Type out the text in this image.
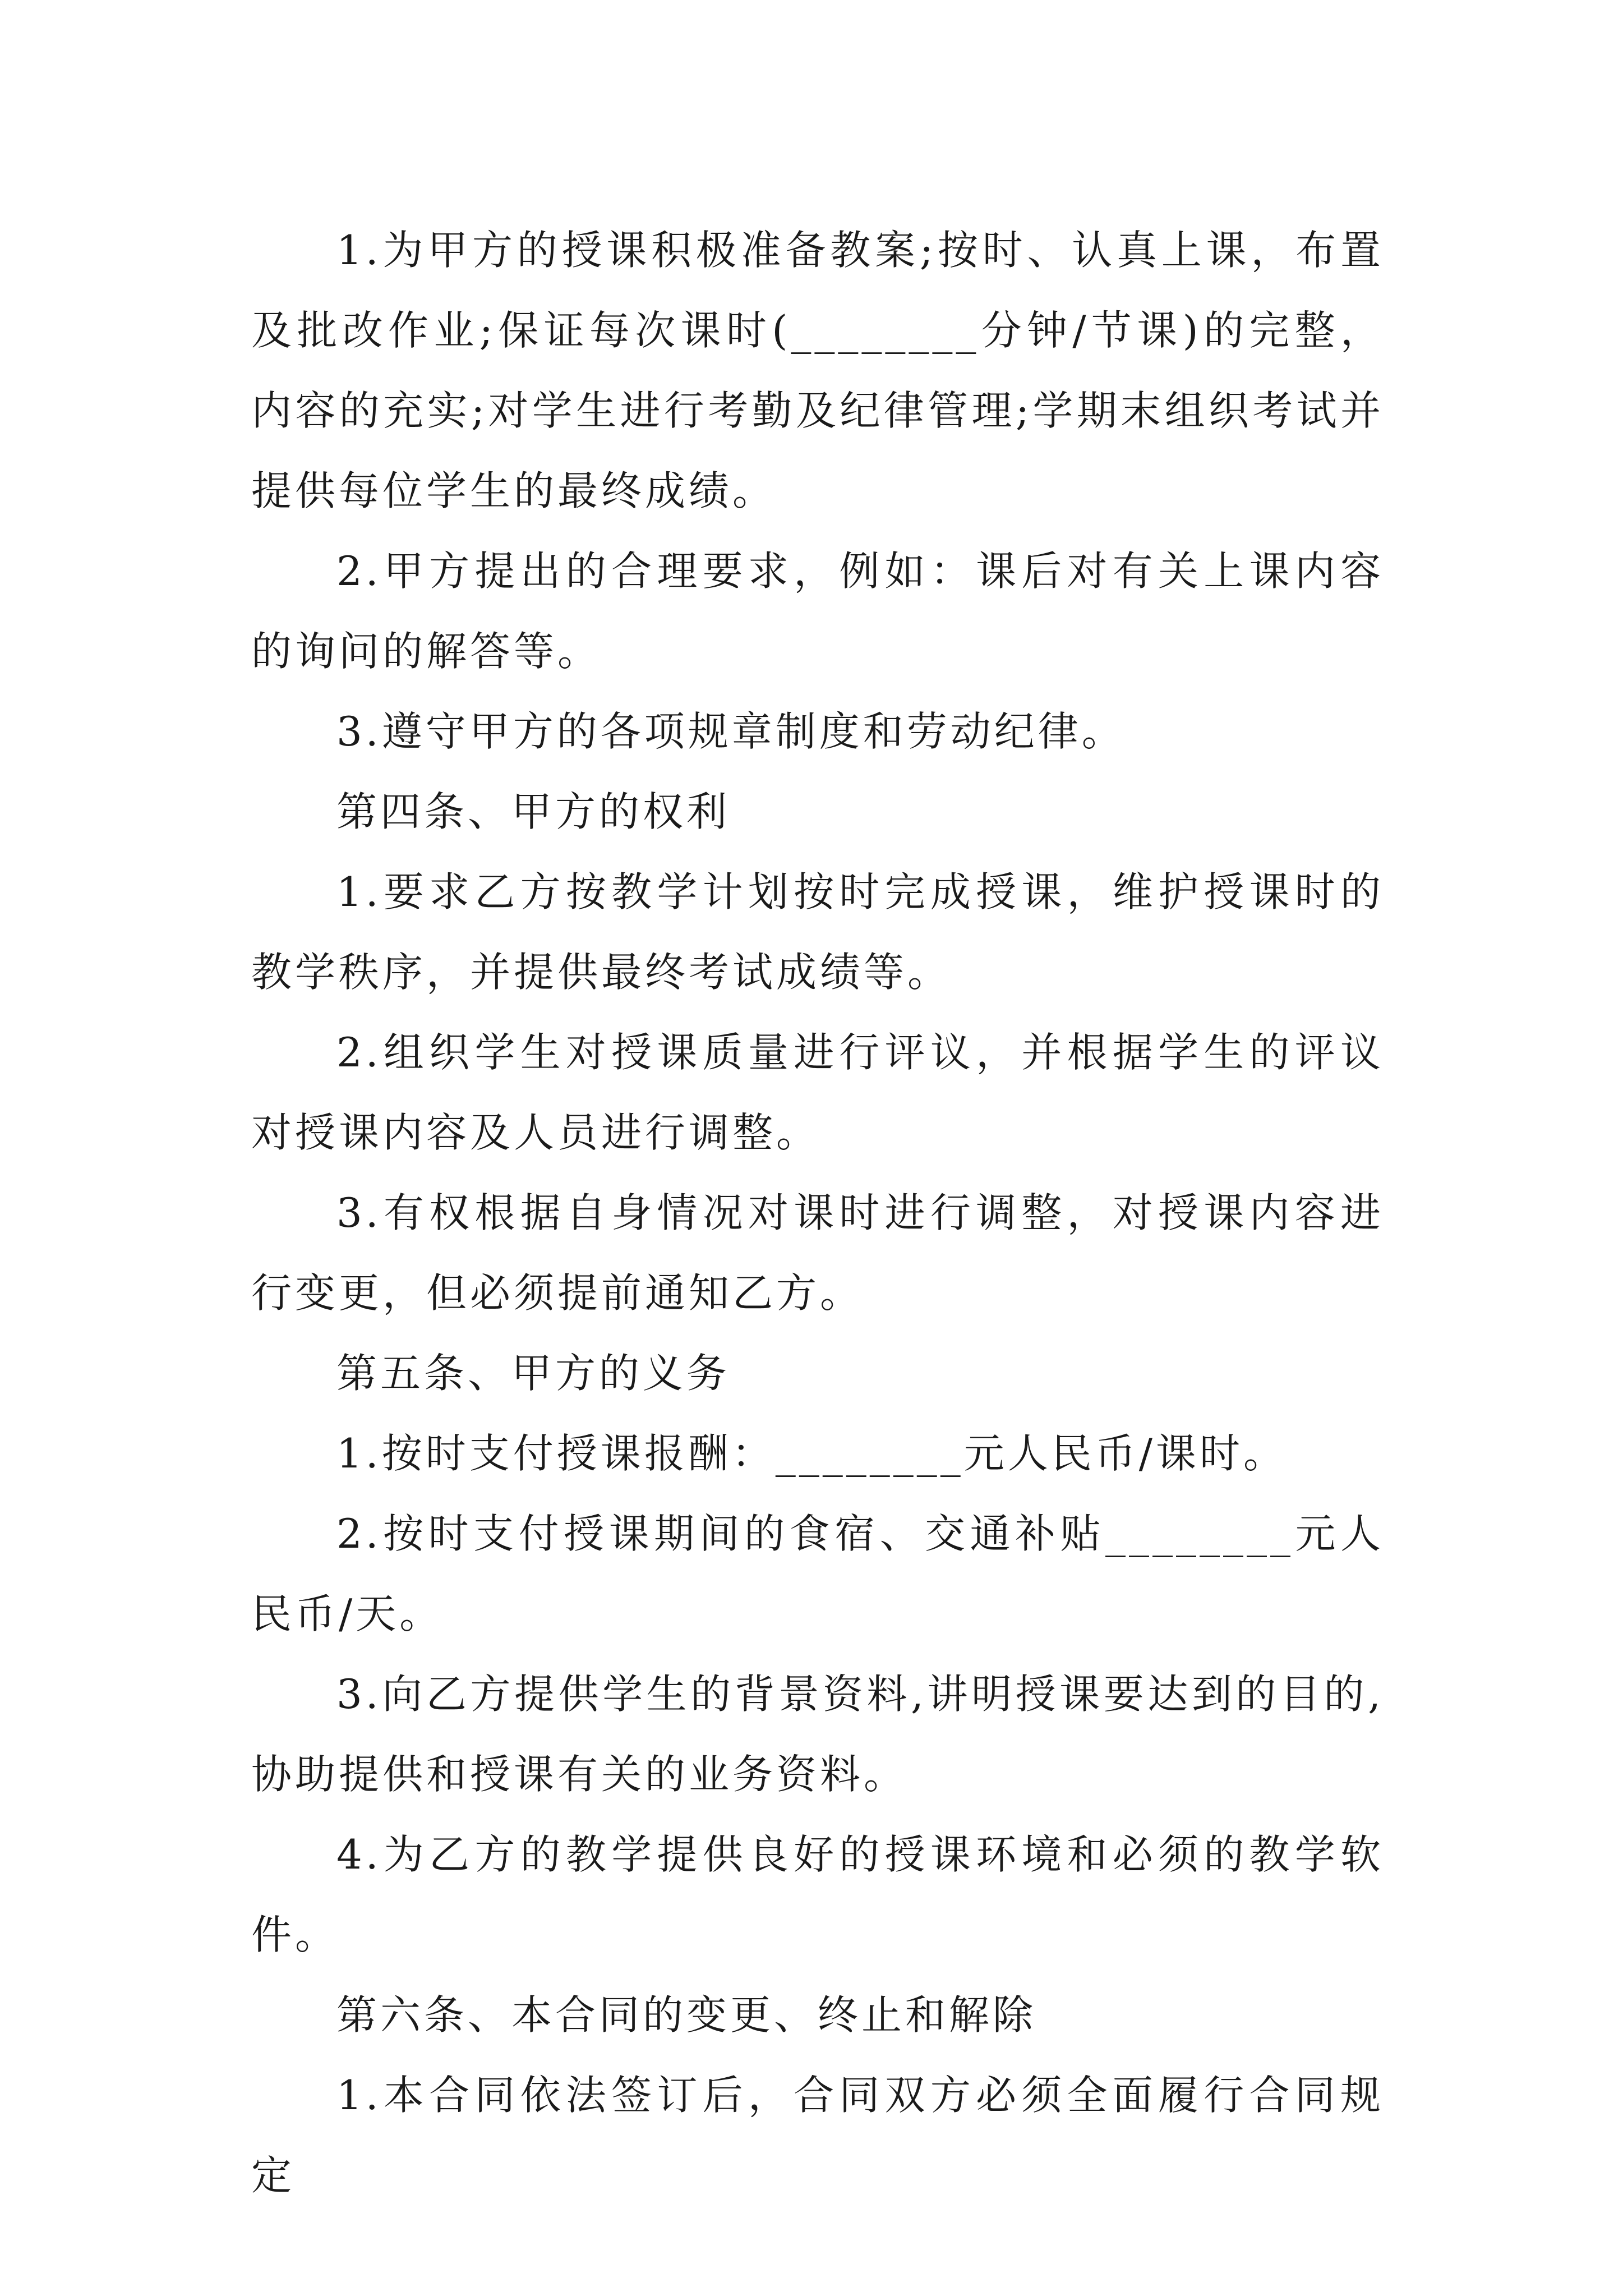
1.为甲方的授课积极准备教案;按时、认真上课，布置及批改作业;保证每次课时(________分钟/节课)的完整，内容的充实;对学生进行考勤及纪律管理;学期末组织考试并提供每位学生的最终成绩。

2.甲方提出的合理要求，例如：课后对有关上课内容的询问的解答等。

3.遵守甲方的各项规章制度和劳动纪律。

第四条、甲方的权利

1.要求乙方按教学计划按时完成授课，维护授课时的教学秩序，并提供最终考试成绩等。

2.组织学生对授课质量进行评议，并根据学生的评议对授课内容及人员进行调整。

3.有权根据自身情况对课时进行调整，对授课内容进行变更，但必须提前通知乙方。

第五条、甲方的义务

1.按时支付授课报酬：________元人民币/课时。

2.按时支付授课期间的食宿、交通补贴________元人民币/天。

3.向乙方提供学生的背景资料,讲明授课要达到的目的,协助提供和授课有关的业务资料。

4.为乙方的教学提供良好的授课环境和必须的教学软件。

第六条、本合同的变更、终止和解除

1.本合同依法签订后，合同双方必须全面履行合同规定
